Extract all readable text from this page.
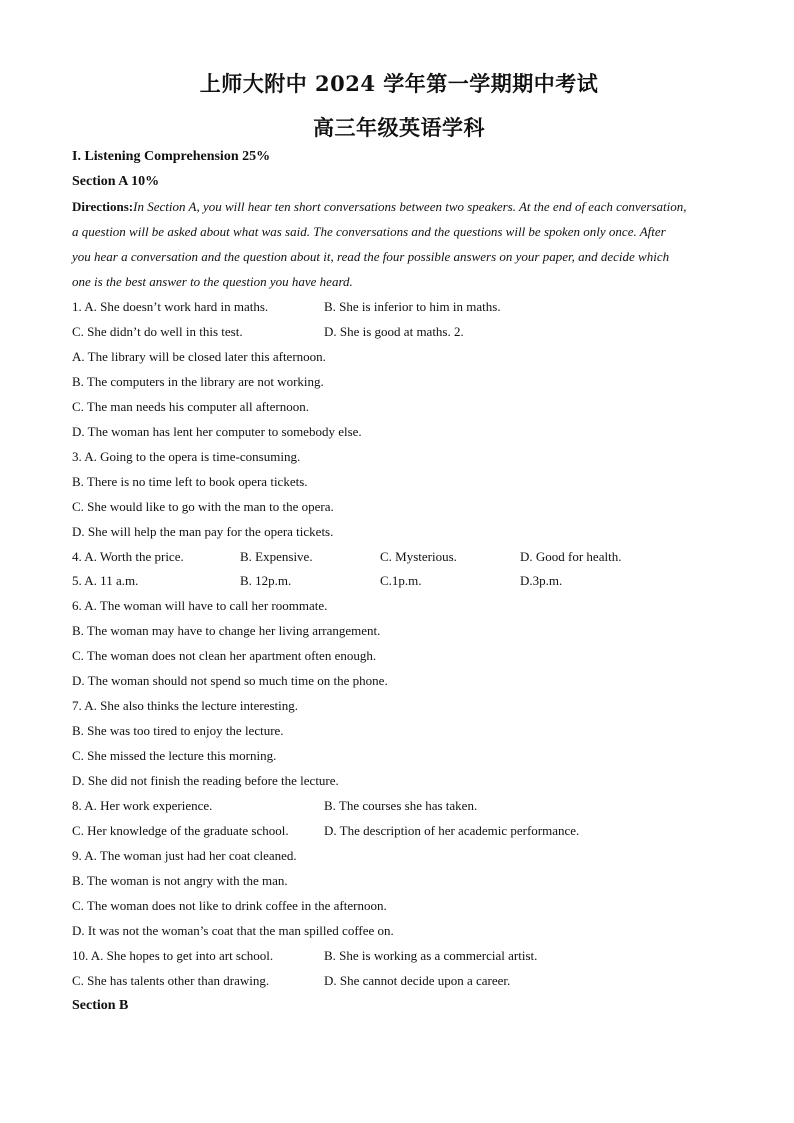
上师大附中 2024 学年第一学期期中考试
高三年级英语学科
I. Listening Comprehension 25%
Section A 10%
Directions:In Section A, you will hear ten short conversations between two speakers. At the end of each conversation,
a question will be asked about what was said. The conversations and the questions will be spoken only once. After
you hear a conversation and the question about it, read the four possible answers on your paper, and decide which
one is the best answer to the question you have heard.
1. A. She doesn’t work hard in maths.	B. She is inferior to him in maths.
C. She didn’t do well in this test.	D. She is good at maths. 2.
A. The library will be closed later this afternoon.
B. The computers in the library are not working.
C. The man needs his computer all afternoon.
D. The woman has lent her computer to somebody else.
3. A. Going to the opera is time-consuming.
B. There is no time left to book opera tickets.
C. She would like to go with the man to the opera.
D. She will help the man pay for the opera tickets.
4. A. Worth the price.	B. Expensive.	C. Mysterious.	D. Good for health.
5. A. 11 a.m.	B. 12p.m.	C.1p.m.	D.3p.m.
6. A. The woman will have to call her roommate.
B. The woman may have to change her living arrangement.
C. The woman does not clean her apartment often enough.
D. The woman should not spend so much time on the phone.
7. A. She also thinks the lecture interesting.
B. She was too tired to enjoy the lecture.
C. She missed the lecture this morning.
D. She did not finish the reading before the lecture.
8. A. Her work experience.	B. The courses she has taken.
C. Her knowledge of the graduate school.	D. The description of her academic performance.
9. A. The woman just had her coat cleaned.
B. The woman is not angry with the man.
C. The woman does not like to drink coffee in the afternoon.
D. It was not the woman’s coat that the man spilled coffee on.
10. A. She hopes to get into art school.	B. She is working as a commercial artist.
C. She has talents other than drawing.	D. She cannot decide upon a career.
Section B
